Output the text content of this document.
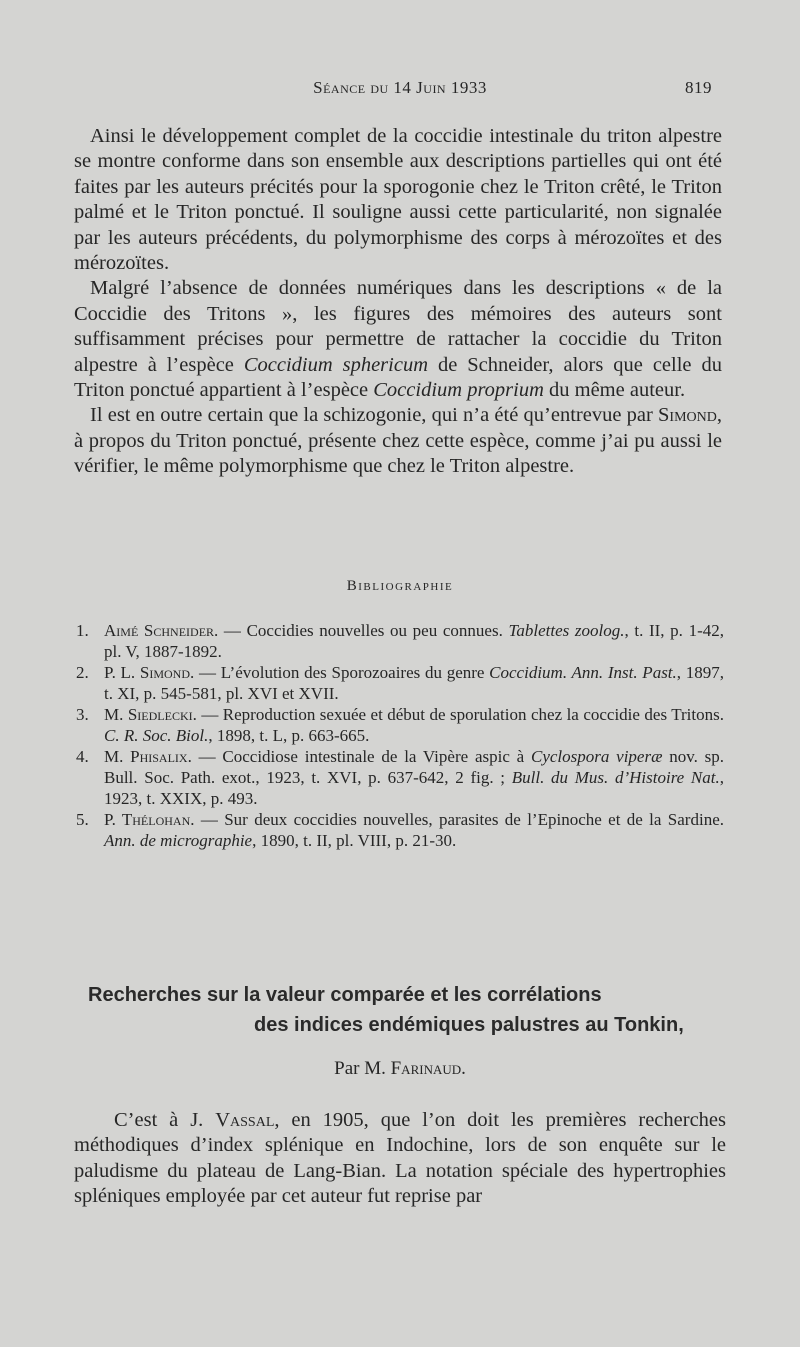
Séance du 14 Juin 1933	819

Ainsi le développement complet de la coccidie intestinale du triton alpestre se montre conforme dans son ensemble aux descriptions partielles qui ont été faites par les auteurs précités pour la sporogonie chez le Triton crêté, le Triton palmé et le Triton ponctué. Il souligne aussi cette particularité, non signalée par les auteurs précédents, du polymorphisme des corps à mérozoïtes et des mérozoïtes.

Malgré l’absence de données numériques dans les descriptions « de la Coccidie des Tritons », les figures des mémoires des auteurs sont suffisamment précises pour permettre de rattacher la coccidie du Triton alpestre à l’espèce Coccidium sphericum de Schneider, alors que celle du Triton ponctué appartient à l’espèce Coccidium proprium du même auteur.

Il est en outre certain que la schizogonie, qui n’a été qu’entrevue par Simond, à propos du Triton ponctué, présente chez cette espèce, comme j’ai pu aussi le vérifier, le même polymorphisme que chez le Triton alpestre.

Bibliographie
1. Aimé Schneider. — Coccidies nouvelles ou peu connues. Tablettes zoolog., t. II, p. 1-42, pl. V, 1887-1892.
2. P. L. Simond. — L’évolution des Sporozoaires du genre Coccidium. Ann. Inst. Past., 1897, t. XI, p. 545-581, pl. XVI et XVII.
3. M. Siedlecki. — Reproduction sexuée et début de sporulation chez la coccidie des Tritons. C. R. Soc. Biol., 1898, t. L, p. 663-665.
4. M. Phisalix. — Coccidiose intestinale de la Vipère aspic à Cyclospora viperæ nov. sp. Bull. Soc. Path. exot., 1923, t. XVI, p. 637-642, 2 fig. ; Bull. du Mus. d’Histoire Nat., 1923, t. XXIX, p. 493.
5. P. Thélohan. — Sur deux coccidies nouvelles, parasites de l’Epinoche et de la Sardine. Ann. de micrographie, 1890, t. II, pl. VIII, p. 21-30.
Recherches sur la valeur comparée et les corrélations
des indices endémiques palustres au Tonkin,
Par M. Farinaud.

C’est à J. Vassal, en 1905, que l’on doit les premières recherches méthodiques d’index splénique en Indochine, lors de son enquête sur le paludisme du plateau de Lang-Bian. La notation spéciale des hypertrophies spléniques employée par cet auteur fut reprise par
